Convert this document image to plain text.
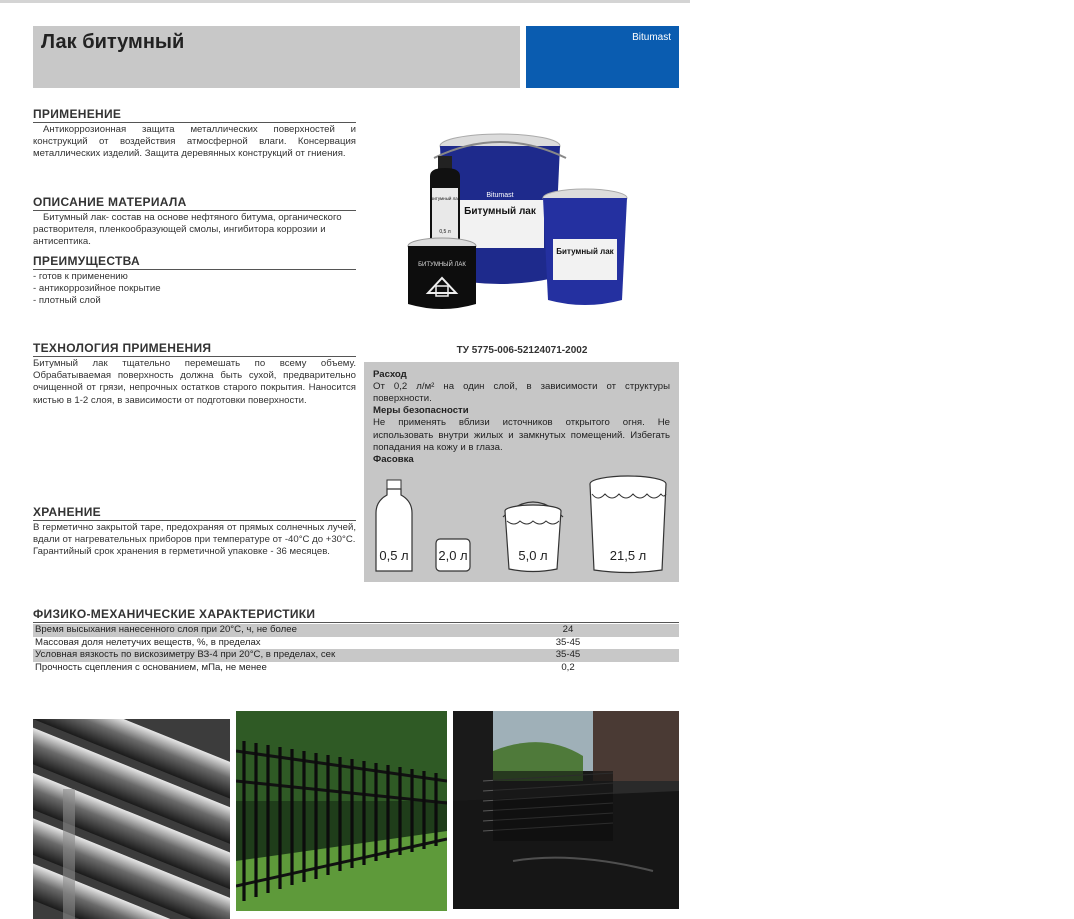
Лак битумный	Bitumast
ПРИМЕНЕНИЕ

Антикоррозионная защита металлических поверхностей и конструкций от воздействия атмосферной влаги. Консервация металлических изделий. Защита деревянных конструкций от гниения.

ОПИСАНИЕ МАТЕРИАЛА

Битумный лак- состав на основе нефтяного битума, органического растворителя, пленкообразующей смолы, ингибитора коррозии и антисептика.

ПРЕИМУЩЕСТВА
- готов к применению
- антикоррозийное покрытие
- плотный слой
Bitumast
Битумный лак
Битумный лак
Битумный лак
0,5 л
БИТУМНЫЙ ЛАК
ТЕХНОЛОГИЯ ПРИМЕНЕНИЯ

Битумный лак тщательно перемешать по всему объему. Обрабатываемая поверхность должна быть сухой, предварительно очищенной от грязи, непрочных остатков старого покрытия. Наносится кистью в 1-2 слоя, в зависимости от подготовки поверхности.

ХРАНЕНИЕ

В герметично закрытой таре, предохраняя от прямых солнечных лучей, вдали от нагревательных приборов при температуре от -40°С до +30°С.

Гарантийный срок хранения в герметичной упаковке - 36 месяцев.

ТУ 5775-006-52124071-2002

Расход

От 0,2 л/м² на один слой, в зависимости от структуры поверхности.

Меры безопасности

Не применять вблизи источников открытого огня. Не использовать внутри жилых и замкнутых помещений. Избегать попадания на кожу и в глаза.

Фасовка

0,5 л	2,0 л	5,0 л	21,5 л
ФИЗИКО-МЕХАНИЧЕСКИЕ ХАРАКТЕРИСТИКИ
Время высыхания нанесенного слоя при 20°С, ч, не более	24
Массовая доля нелетучих веществ, %, в пределах	35-45
Условная вязкость по вискозиметру ВЗ-4 при 20°С, в пределах, сек	35-45
Прочность сцепления с основанием, мПа, не менее	0,2
